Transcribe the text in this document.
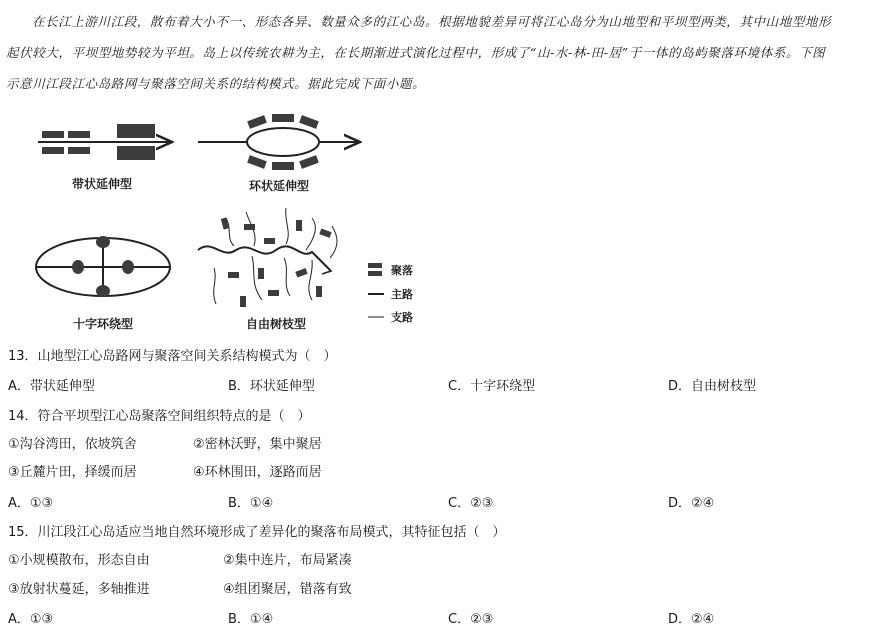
在长江上游川江段，散布着大小不一、形态各异、数量众多的江心岛。根据地貌差异可将江心岛分为山地型和平坝型两类，其中山地型地形
起伏较大，平坝型地势较为平坦。岛上以传统农耕为主，在长期渐进式演化过程中，形成了“山-水-林-田-居”于一体的岛屿聚落环境体系。下图
示意川江段江心岛路网与聚落空间关系的结构模式。据此完成下面小题。
带状延伸型	环状延伸型
十字环绕型	自由树枝型
聚落
主路
支路
13．山地型江心岛路网与聚落空间关系结构模式为（　）
A．带状延伸型	B．环状延伸型	C．十字环绕型	D．自由树枝型
14．符合平坝型江心岛聚落空间组织特点的是（　）
①沟谷湾田，依坡筑舍	②密林沃野，集中聚居
③丘麓片田，择缓而居	④环林围田，逐路而居
A．①③	B．①④	C．②③	D．②④
15．川江段江心岛适应当地自然环境形成了差异化的聚落布局模式，其特征包括（　）
①小规模散布，形态自由	②集中连片，布局紧凑
③放射状蔓延，多轴推进	④组团聚居，错落有致
A．①③	B．①④	C．②③	D．②④
